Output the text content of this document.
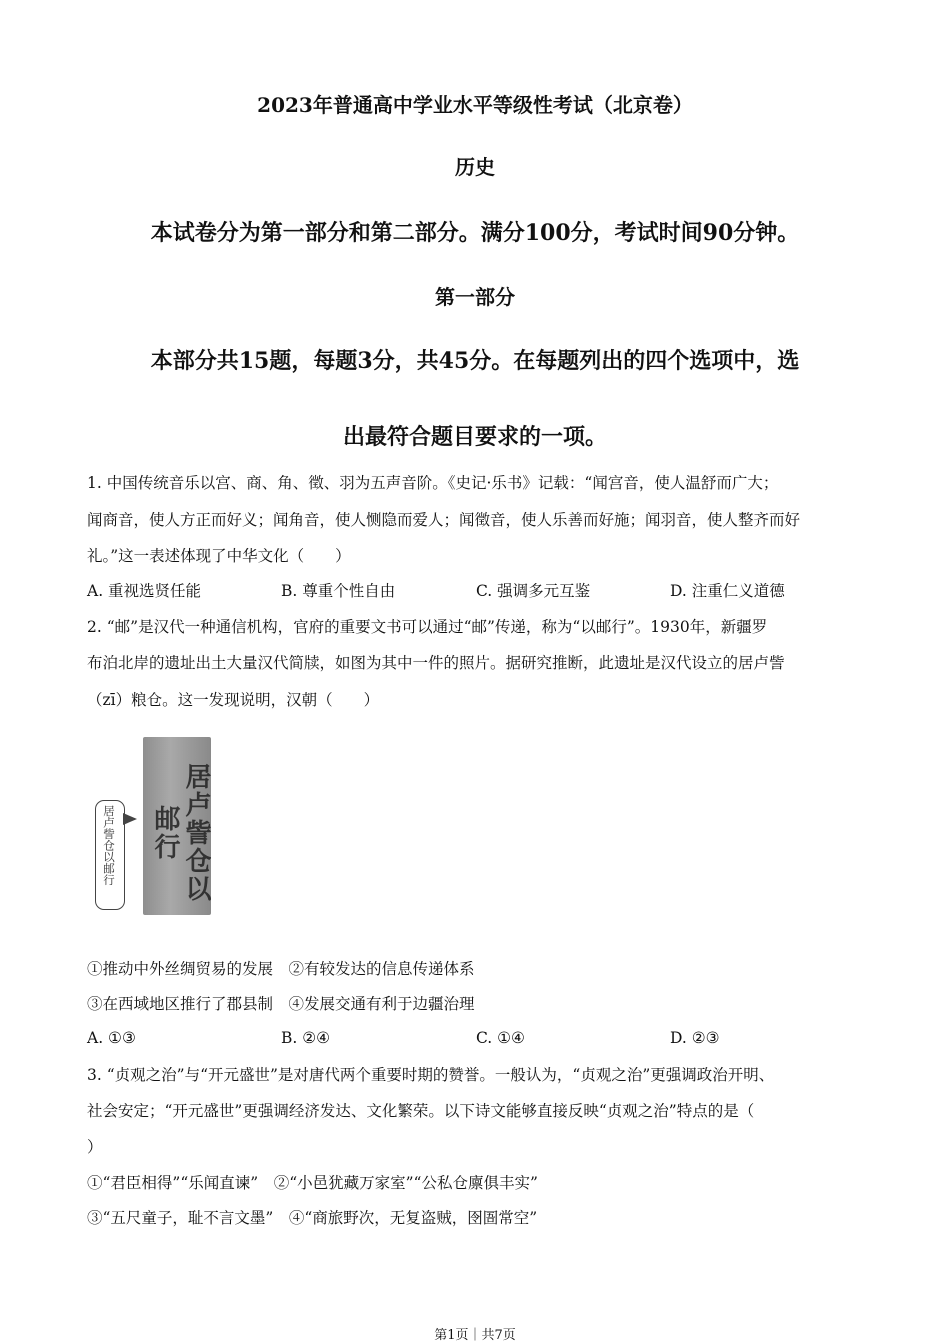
2023年普通高中学业水平等级性考试（北京卷）
历史
本试卷分为第一部分和第二部分。满分100分，考试时间90分钟。
第一部分
本部分共15题，每题3分，共45分。在每题列出的四个选项中，选
出最符合题目要求的一项。
1. 中国传统音乐以宫、商、角、徵、羽为五声音阶。《史记·乐书》记载：“闻宫音，使人温舒而广大；
闻商音，使人方正而好义；闻角音，使人恻隐而爱人；闻徵音，使人乐善而好施；闻羽音，使人整齐而好
礼。”这一表述体现了中华文化（　　）
A. 重视选贤任能	B. 尊重个性自由	C. 强调多元互鉴	D. 注重仁义道德
2. “邮”是汉代一种通信机构，官府的重要文书可以通过“邮”传递，称为“以邮行”。1930年，新疆罗
布泊北岸的遗址出土大量汉代简牍，如图为其中一件的照片。据研究推断，此遗址是汉代设立的居卢訾
（zī）粮仓。这一发现说明，汉朝（　　）
居卢訾仓以邮行
居卢訾仓以邮行
①推动中外丝绸贸易的发展　②有较发达的信息传递体系
③在西域地区推行了郡县制　④发展交通有利于边疆治理
A. ①③	B. ②④	C. ①④	D. ②③
3. “贞观之治”与“开元盛世”是对唐代两个重要时期的赞誉。一般认为，“贞观之治”更强调政治开明、
社会安定；“开元盛世”更强调经济发达、文化繁荣。以下诗文能够直接反映“贞观之治”特点的是（
）
①“君臣相得”“乐闻直谏”　②“小邑犹藏万家室”“公私仓廪俱丰实”
③“五尺童子，耻不言文墨”　④“商旅野次，无复盗贼，囹圄常空”
第1页｜共7页
